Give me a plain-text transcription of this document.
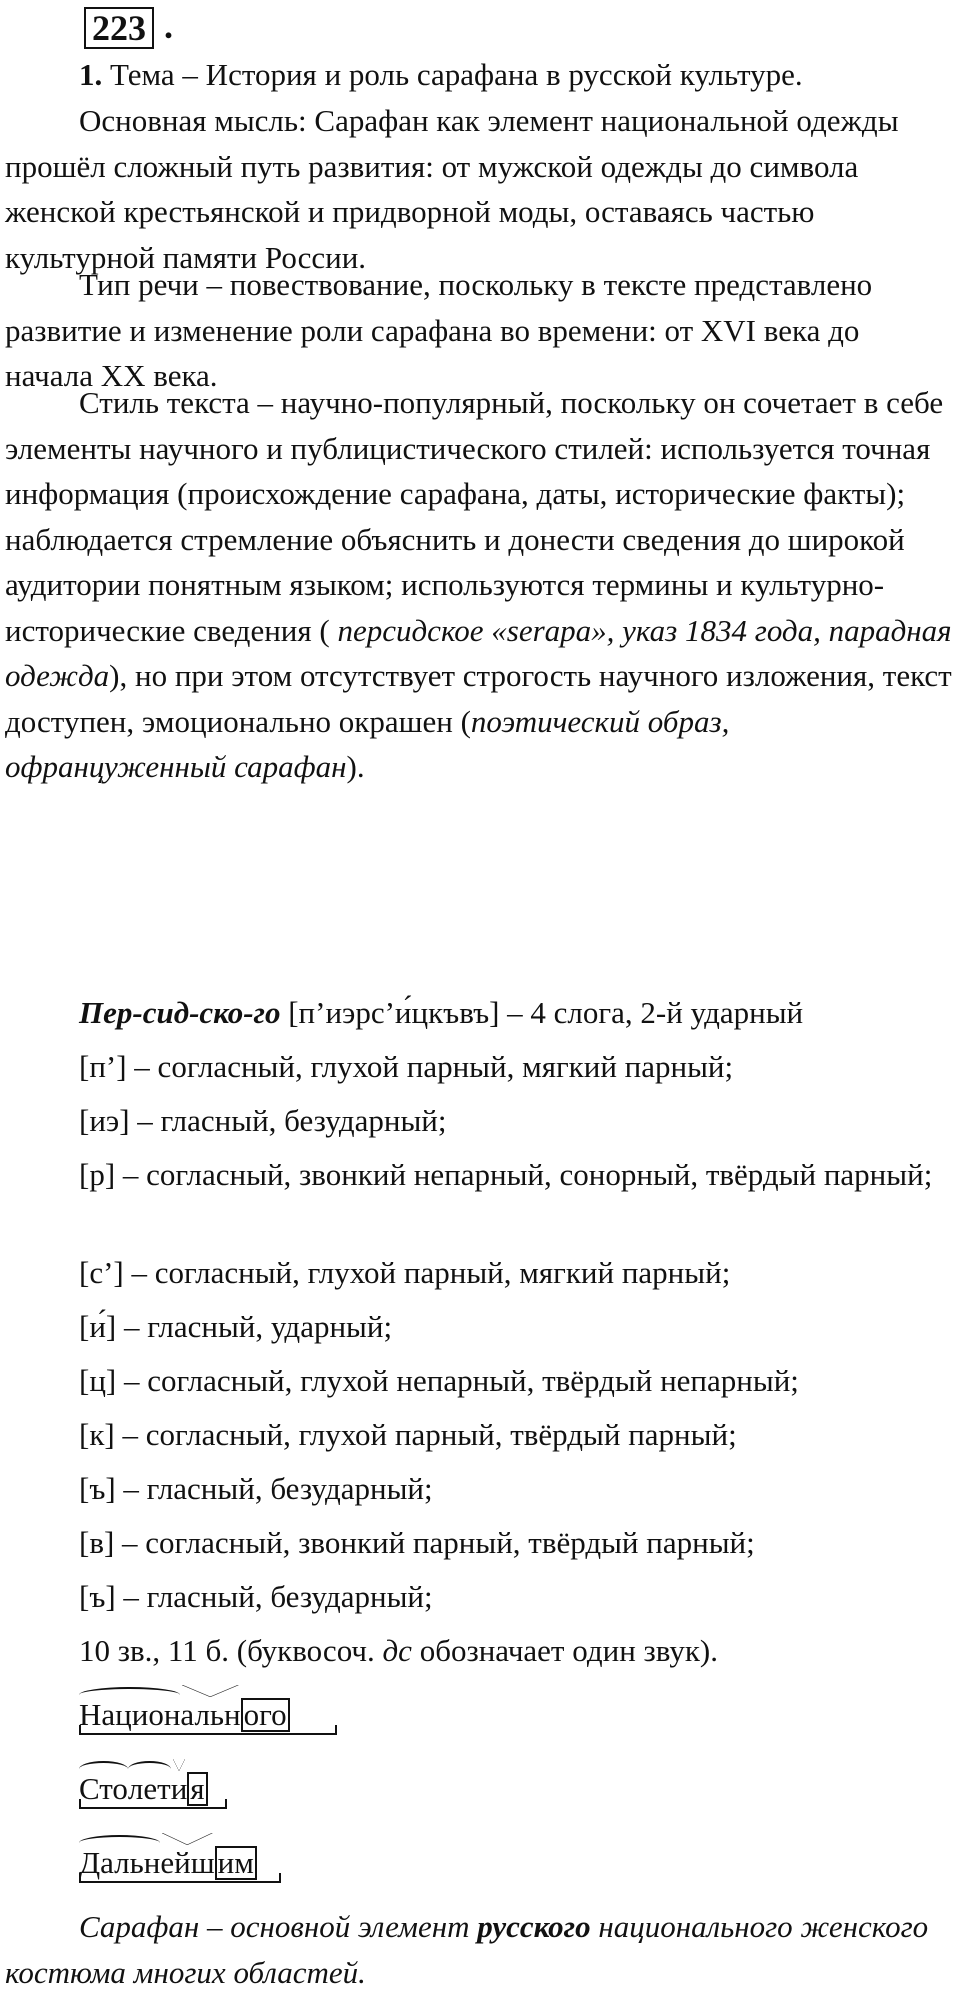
223 .

1. Тема – История и роль сарафана в русской культуре.

Основная мысль: Сарафан как элемент национальной одежды прошёл сложный путь развития: от мужской одежды до символа женской крестьянской и придворной моды, оставаясь частью культурной памяти России.

Тип речи – повествование, поскольку в тексте представлено развитие и изменение роли сарафана во времени: от XVI века до начала XX века.

Стиль текста – научно-популярный, поскольку он сочетает в себе элементы научного и публицистического стилей: используется точная информация (происхождение сарафана, даты, исторические факты); наблюдается стремление объяснить и донести сведения до широкой аудитории понятным языком; используются термины и культурно-исторические сведения ( персидское «serapa», указ 1834 года, парадная одежда), но при этом отсутствует строгость научного изложения, текст доступен, эмоционально окрашен (поэтический образ, офранцуженный сарафан).

Пер-сид-ско-го [п’иэрс’и́цкъвъ] – 4 слога, 2-й ударный

[п’] – согласный, глухой парный, мягкий парный;

[иэ] – гласный, безударный;

[р] – согласный, звонкий непарный, сонорный, твёрдый парный;

[с’] – согласный, глухой парный, мягкий парный;

[и́] – гласный, ударный;

[ц] – согласный, глухой непарный, твёрдый непарный;

[к] – согласный, глухой парный, твёрдый парный;

[ъ] – гласный, безударный;

[в] – согласный, звонкий парный, твёрдый парный;

[ъ] – гласный, безударный;

10 зв., 11 б. (буквосоч. дс обозначает один звук).

Национального
Столетия
Дальнейшим

Сарафан – основной элемент русского национального женского костюма многих областей.
